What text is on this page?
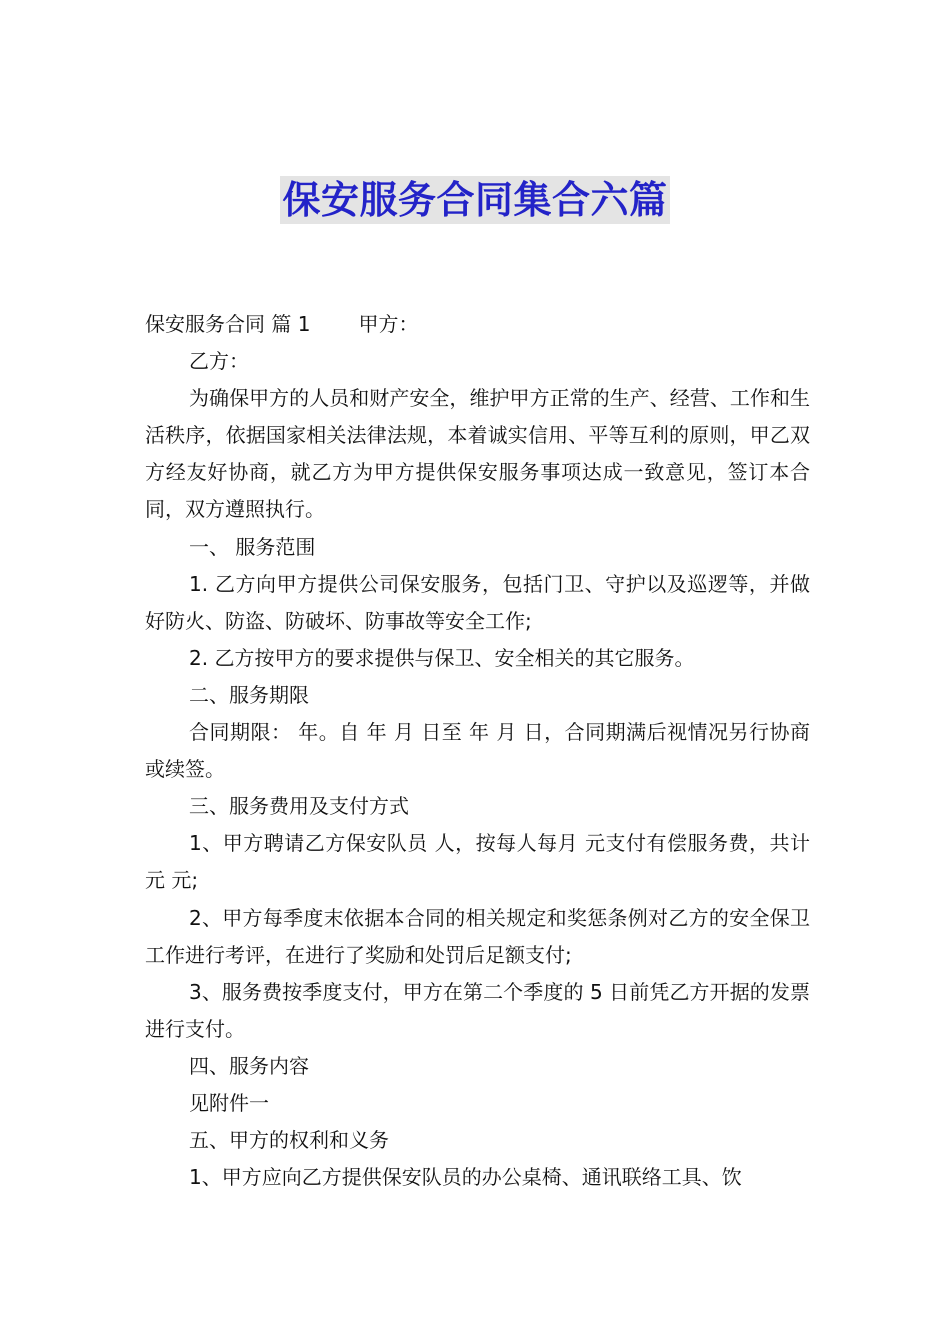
保安服务合同集合六篇

保安服务合同 篇 1 甲方：

乙方：

为确保甲方的人员和财产安全，维护甲方正常的生产、经营、工作和生活秩序，依据国家相关法律法规，本着诚实信用、平等互利的原则，甲乙双方经友好协商，就乙方为甲方提供保安服务事项达成一致意见，签订本合同，双方遵照执行。

一、 服务范围

1. 乙方向甲方提供公司保安服务，包括门卫、守护以及巡逻等，并做好防火、防盗、防破坏、防事故等安全工作;

2. 乙方按甲方的要求提供与保卫、安全相关的其它服务。

二、服务期限

合同期限： 年。自 年 月 日至 年 月 日，合同期满后视情况另行协商或续签。

三、服务费用及支付方式

1、甲方聘请乙方保安队员 人，按每人每月 元支付有偿服务费，共计 元 元;

2、甲方每季度末依据本合同的相关规定和奖惩条例对乙方的安全保卫工作进行考评，在进行了奖励和处罚后足额支付;

3、服务费按季度支付，甲方在第二个季度的 5 日前凭乙方开据的发票进行支付。

四、服务内容

见附件一

五、甲方的权利和义务

1、甲方应向乙方提供保安队员的办公桌椅、通讯联络工具、饮
